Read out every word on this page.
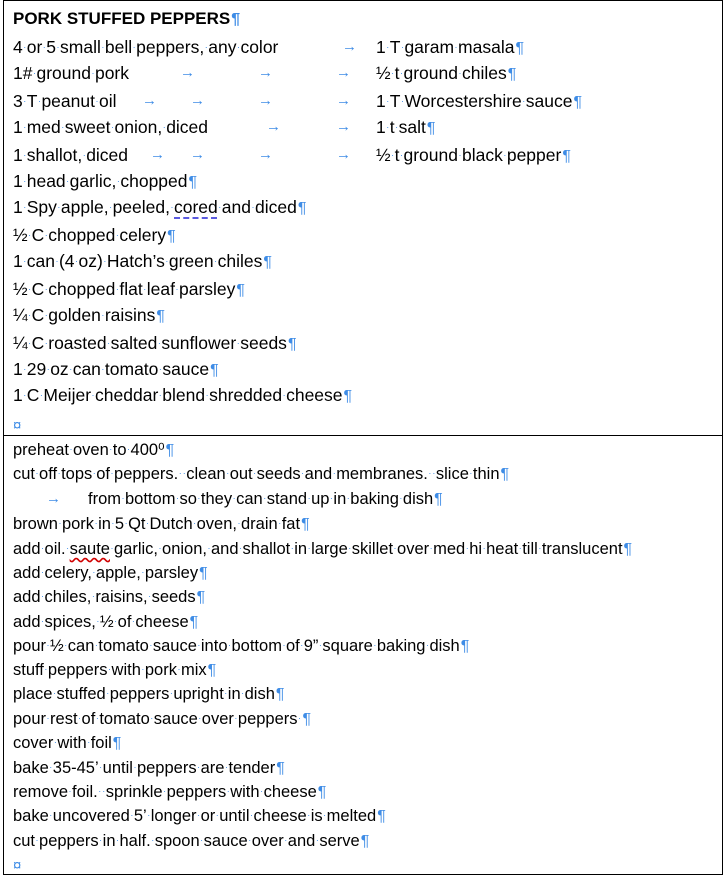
PORK STUFFED PEPPERS¶
4·or·5·small·bell·peppers,·any·color	→ 1·T·garam·masala¶
1#·ground·pork	→	→	→ ½·t·ground·chiles¶
3·T·peanut·oil → →	→	→ 1·T·Worcestershire·sauce¶
1·med·sweet·onion,·diced	→	→ 1·t·salt¶
1·shallot,·diced → →	→	→ ½·t·ground·black·pepper¶
1·head·garlic,·chopped¶
1·Spy·apple,·peeled,·cored·and·diced¶
½·C·chopped·celery¶
1·can·(4·oz)·Hatch’s·green·chiles¶
½·C·chopped·flat·leaf·parsley¶
¼·C·golden·raisins¶
¼·C·roasted·salted·sunflower·seeds¶
1·29·oz·can·tomato·sauce¶
1·C·Meijer·cheddar·blend·shredded·cheese¶
¤
preheat·oven·to·400⁰¶
cut·off·tops·of·peppers.··clean·out·seeds·and·membranes.··slice·thin¶
→ from·bottom·so·they·can·stand·up·in·baking·dish¶
brown·pork·in·5·Qt·Dutch·oven,·drain·fat¶
add·oil.·saute·garlic,·onion,·and·shallot·in·large·skillet·over·med·hi·heat·till·translucent¶
add·celery,·apple,·parsley¶
add·chiles,·raisins,·seeds¶
add·spices,·½·of·cheese¶
pour·½·can·tomato·sauce·into·bottom·of·9”·square·baking·dish¶
stuff·peppers·with·pork·mix¶
place·stuffed·peppers·upright·in·dish¶
pour·rest·of·tomato·sauce·over·peppers·¶
cover·with·foil¶
bake·35-45’·until·peppers·are·tender¶
remove·foil.··sprinkle·peppers·with·cheese¶
bake·uncovered·5’·longer·or·until·cheese·is·melted¶
cut·peppers·in·half.·spoon·sauce·over·and·serve¶
¤
